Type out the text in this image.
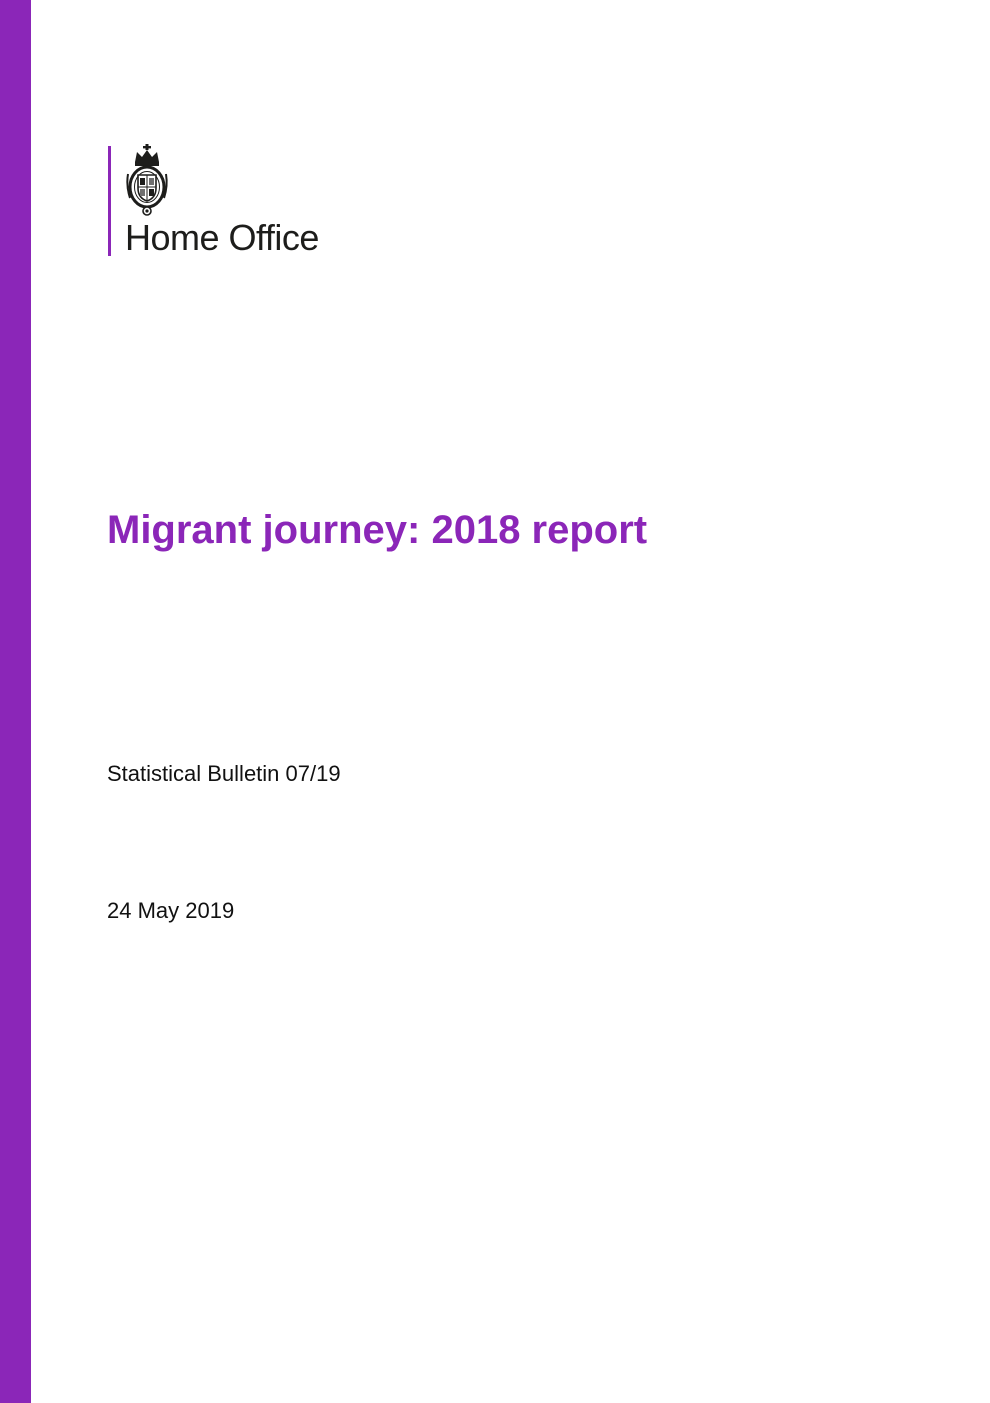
Home Office
Migrant journey: 2018 report
Statistical Bulletin 07/19
24 May 2019
